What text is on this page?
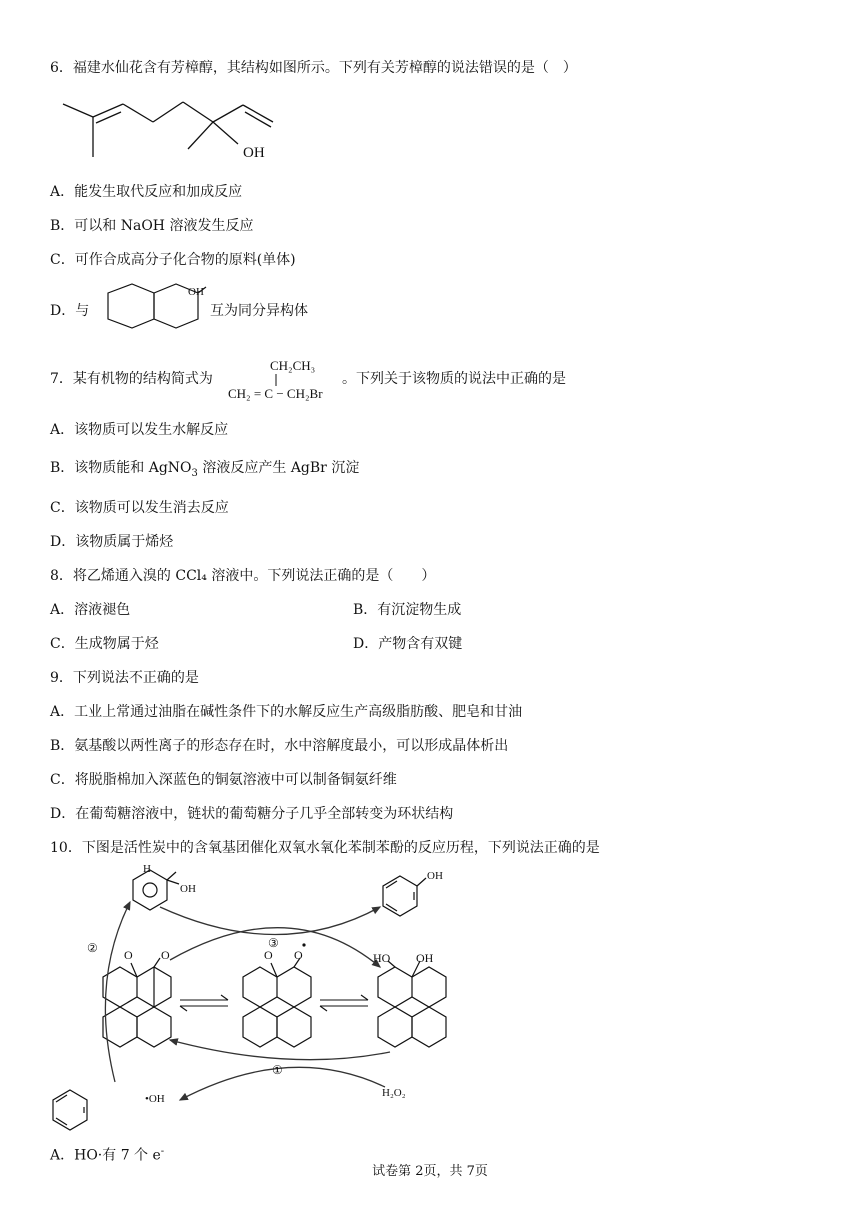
6．福建水仙花含有芳樟醇，其结构如图所示。下列有关芳樟醇的说法错误的是（　）
OH
A．能发生取代反应和加成反应
B．可以和 NaOH 溶液发生反应
C．可作合成高分子化合物的原料(单体)
D．与
OH
互为同分异构体
7．某有机物的结构简式为
CH₂CH₃
CH₂ = C − CH₂Br
。下列关于该物质的说法中正确的是
A．该物质可以发生水解反应
B．该物质能和 AgNO$_3$ 溶液反应产生 AgBr 沉淀
C．该物质可以发生消去反应
D．该物质属于烯烃
8．将乙烯通入溴的 CCl₄ 溶液中。下列说法正确的是（　　）
A．溶液褪色	B．有沉淀物生成
C．生成物属于烃	D．产物含有双键
9．下列说法不正确的是
A．工业上常通过油脂在碱性条件下的水解反应生产高级脂肪酸、肥皂和甘油
B．氨基酸以两性离子的形态存在时，水中溶解度最小，可以形成晶体析出
C．将脱脂棉加入深蓝色的铜氨溶液中可以制备铜氨纤维
D．在葡萄糖溶液中，链状的葡萄糖分子几乎全部转变为环状结构
10．下图是活性炭中的含氧基团催化双氧水氧化苯制苯酚的反应历程，下列说法正确的是
H
OH
OH
O O	O O	HO OH
③
①
②
•OH	H₂O₂
A．HO·有 7 个 e-
试卷第 2页，共 7页
